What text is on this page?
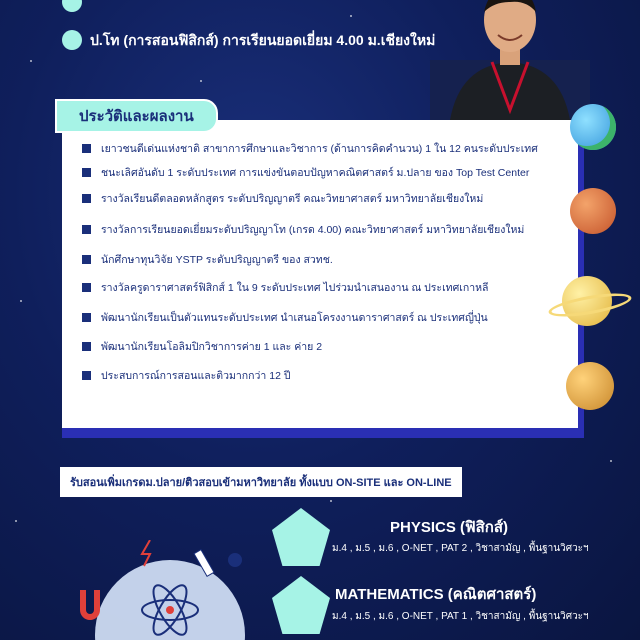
ป.โท (การสอนฟิสิกส์) การเรียนยอดเยี่ยม 4.00 ม.เชียงใหม่
ประวัติและผลงาน
เยาวชนดีเด่นแห่งชาติ สาขาการศึกษาและวิชาการ (ด้านการคิดคำนวน) 1 ใน 12 คนระดับประเทศ
ชนะเลิศอันดับ 1 ระดับประเทศ การแข่งขันตอบปัญหาคณิตศาสตร์ ม.ปลาย ของ Top Test Center
รางวัลเรียนดีตลอดหลักสูตร ระดับปริญญาตรี คณะวิทยาศาสตร์ มหาวิทยาลัยเชียงใหม่
รางวัลการเรียนยอดเยี่ยมระดับปริญญาโท (เกรด 4.00) คณะวิทยาศาสตร์ มหาวิทยาลัยเชียงใหม่
นักศึกษาทุนวิจัย YSTP ระดับปริญญาตรี ของ สวทช.
รางวัลครูดาราศาสตร์ฟิสิกส์ 1 ใน 9 ระดับประเทศ ไปร่วมนำเสนองาน ณ ประเทศเกาหลี
พัฒนานักเรียนเป็นตัวแทนระดับประเทศ นำเสนอโครงงานดาราศาสตร์ ณ ประเทศญี่ปุ่น
พัฒนานักเรียนโอลิมปิกวิชาการค่าย 1 และ ค่าย 2
ประสบการณ์การสอนและติวมากกว่า 12 ปี
รับสอนเพิ่มเกรดม.ปลาย/ติวสอบเข้ามหาวิทยาลัย ทั้งแบบ ON-SITE และ ON-LINE
PHYSICS (ฟิสิกส์)
ม.4 , ม.5 , ม.6 , O-NET , PAT 2 , วิชาสามัญ , พื้นฐานวิศวะฯ
MATHEMATICS (คณิตศาสตร์)
ม.4 , ม.5 , ม.6 , O-NET , PAT 1 , วิชาสามัญ , พื้นฐานวิศวะฯ
